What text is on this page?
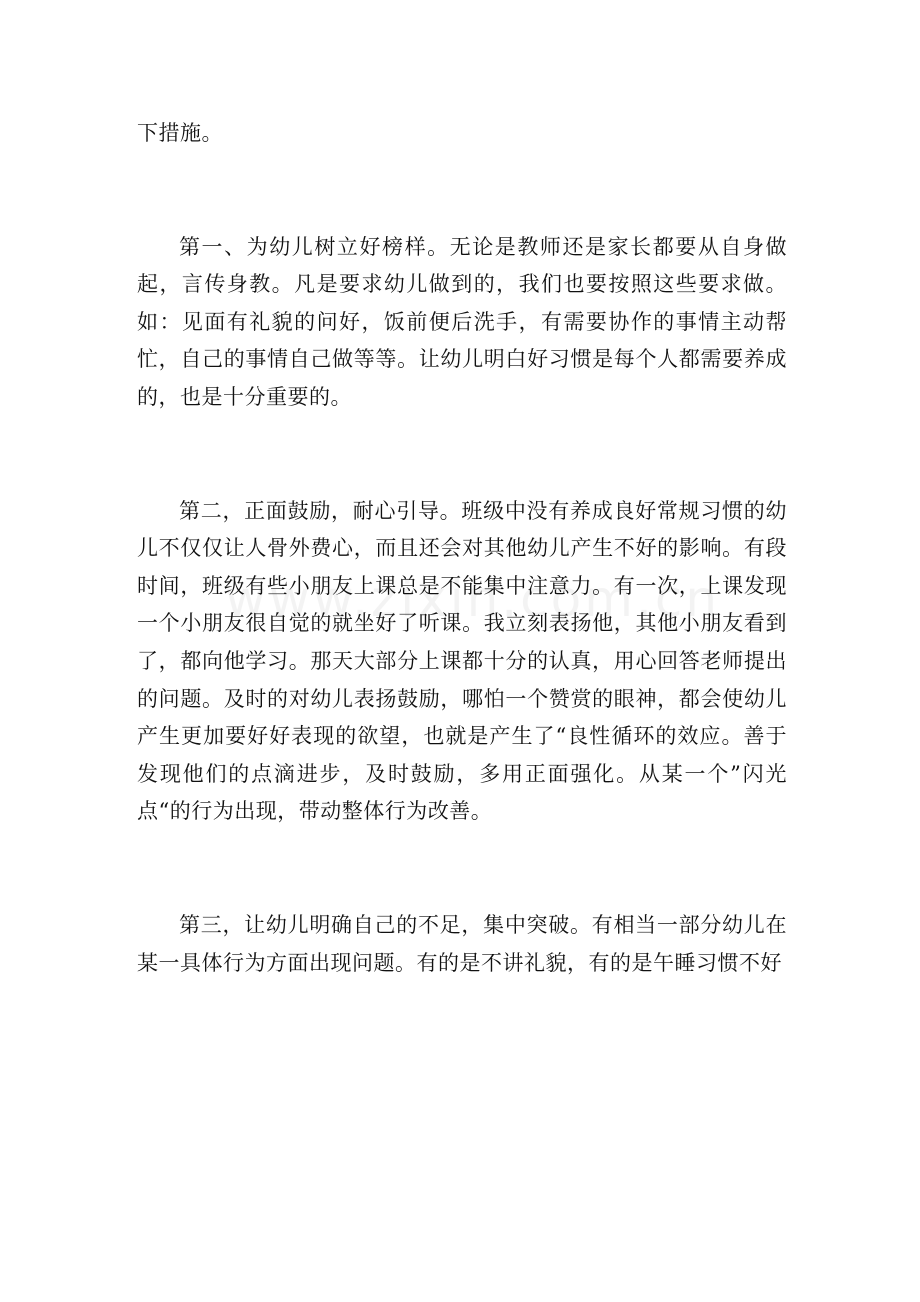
下措施。

第一、为幼儿树立好榜样。无论是教师还是家长都要从自身做起，言传身教。凡是要求幼儿做到的，我们也要按照这些要求做。如：见面有礼貌的问好，饭前便后洗手，有需要协作的事情主动帮忙，自己的事情自己做等等。让幼儿明白好习惯是每个人都需要养成的，也是十分重要的。

第二，正面鼓励，耐心引导。班级中没有养成良好常规习惯的幼儿不仅仅让人骨外费心，而且还会对其他幼儿产生不好的影响。有段时间，班级有些小朋友上课总是不能集中注意力。有一次，上课发现一个小朋友很自觉的就坐好了听课。我立刻表扬他，其他小朋友看到了，都向他学习。那天大部分上课都十分的认真，用心回答老师提出的问题。及时的对幼儿表扬鼓励，哪怕一个赞赏的眼神，都会使幼儿产生更加要好好表现的欲望，也就是产生了“良性循环的效应。善于发现他们的点滴进步，及时鼓励，多用正面强化。从某一个”闪光点“的行为出现，带动整体行为改善。

第三，让幼儿明确自己的不足，集中突破。有相当一部分幼儿在某一具体行为方面出现问题。有的是不讲礼貌，有的是午睡习惯不好
